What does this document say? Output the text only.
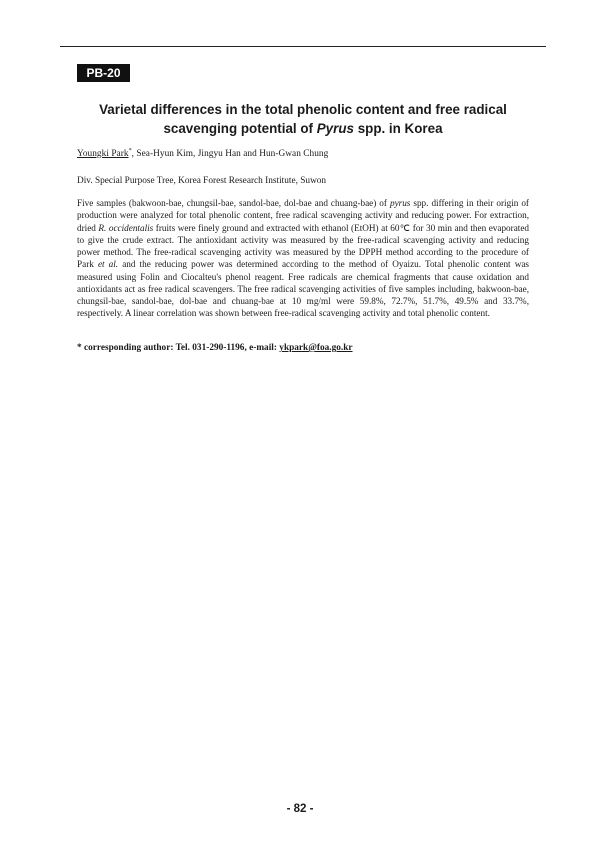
PB-20
Varietal differences in the total phenolic content and free radical
scavenging potential of Pyrus spp. in Korea
Youngki Park*, Sea-Hyun Kim, Jingyu Han and Hun-Gwan Chung
Div. Special Purpose Tree, Korea Forest Research Institute, Suwon
Five samples (bakwoon-bae, chungsil-bae, sandol-bae, dol-bae and chuang-bae) of pyrus spp. differing in their origin of production were analyzed for total phenolic content, free radical scavenging activity and reducing power. For extraction, dried R. occidentalis fruits were finely ground and extracted with ethanol (EtOH) at 60℃ for 30 min and then evaporated to give the crude extract. The antioxidant activity was measured by the free-radical scavenging activity and reducing power method. The free-radical scavenging activity was measured by the DPPH method according to the procedure of Park et al. and the reducing power was determined according to the method of Oyaizu. Total phenolic content was measured using Folin and Ciocalteu's phenol reagent. Free radicals are chemical fragments that cause oxidation and antioxidants act as free radical scavengers. The free radical scavenging activities of five samples including, bakwoon-bae, chungsil-bae, sandol-bae, dol-bae and chuang-bae at 10 mg/ml were 59.8%, 72.7%, 51.7%, 49.5% and 33.7%, respectively. A linear correlation was shown between free-radical scavenging activity and total phenolic content.
* corresponding author: Tel. 031-290-1196, e-mail: ykpark@foa.go.kr
- 82 -
